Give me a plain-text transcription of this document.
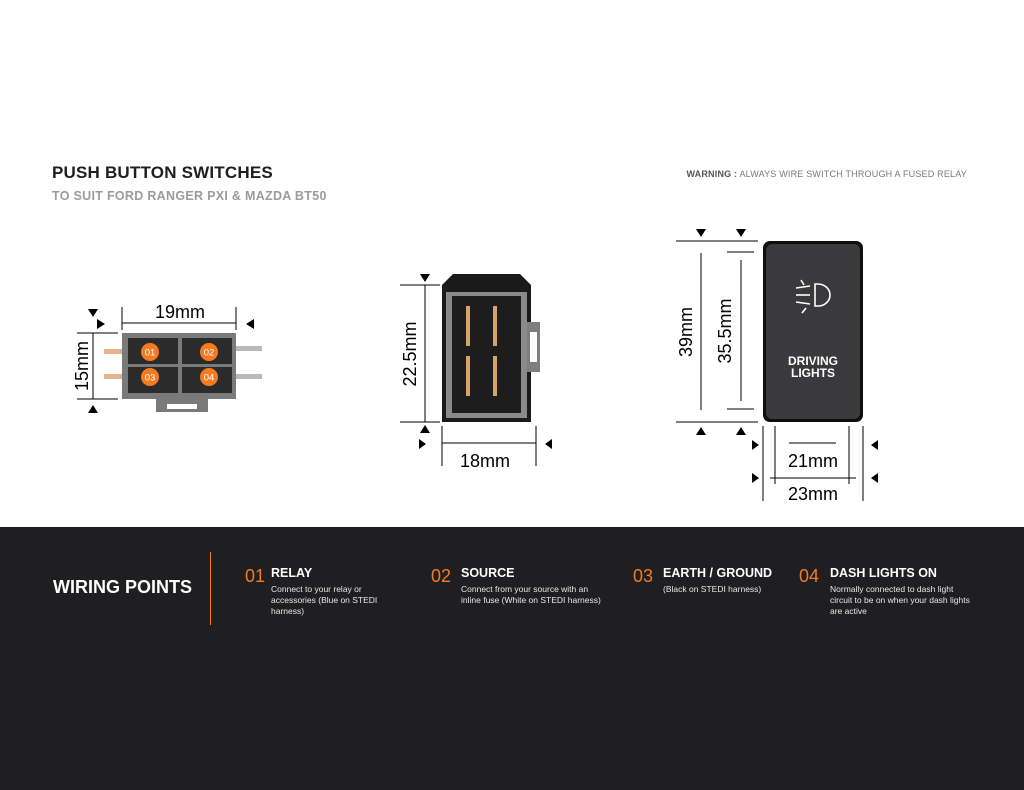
PUSH BUTTON SWITCHES
TO SUIT FORD RANGER PXI & MAZDA BT50
WARNING : ALWAYS WIRE SWITCH THROUGH A FUSED RELAY
19mm
15mm	01	02
03	04	22.5mm
18mm
39mm 35.5mm	DRIVING
LIGHTS
21mm
23mm
WIRING POINTS
01 RELAY
Connect to your relay or accessories (Blue on STEDI harness)
02 SOURCE
Connect from your source with an inline fuse (White on STEDI harness)
03 EARTH / GROUND
(Black on STEDI harness)
04 DASH LIGHTS ON
Normally connected to dash light circuit to be on when your dash lights are active
